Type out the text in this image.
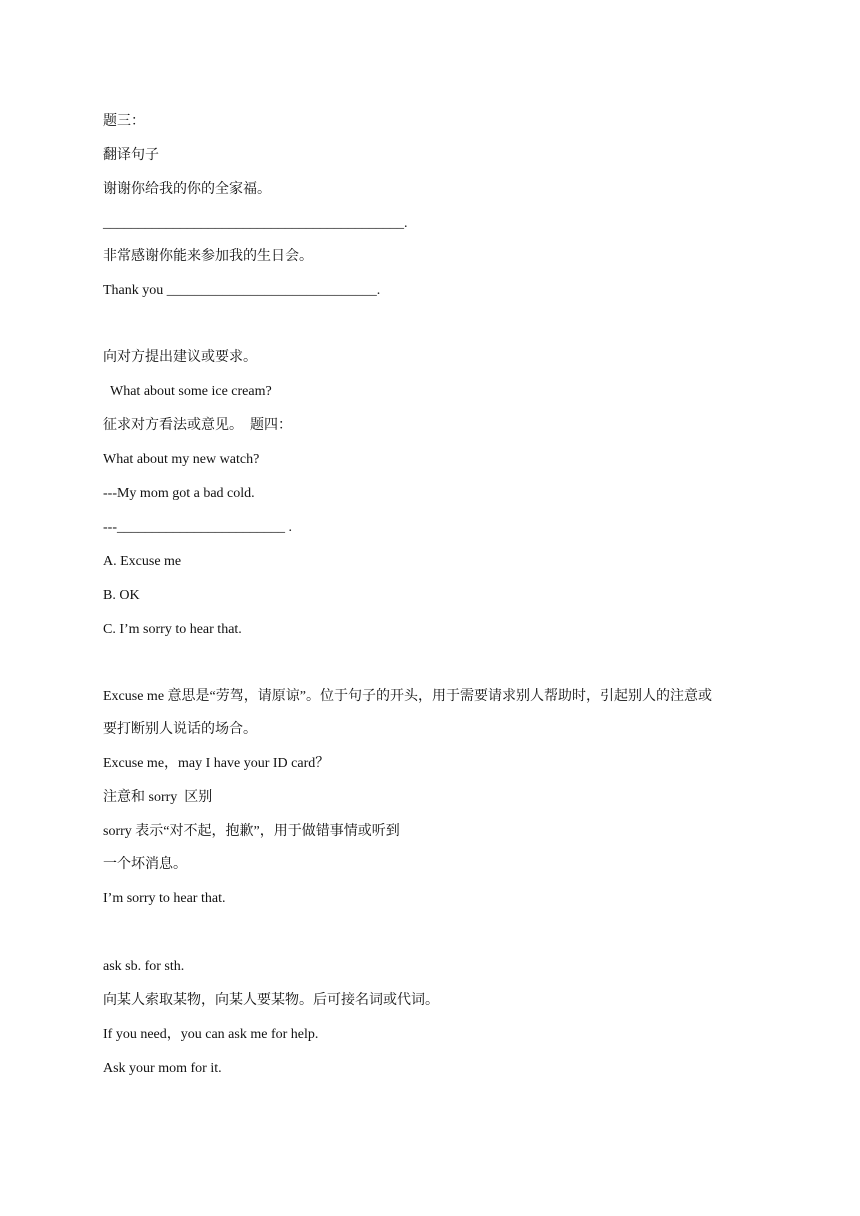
题三：
翻译句子
谢谢你给我的你的全家福。
___________________________________________.
非常感谢你能来参加我的生日会。
Thank you ______________________________.
向对方提出建议或要求。
What about some ice cream?
征求对方看法或意见。  题四：
What about my new watch?
---My mom got a bad cold.
---________________________ .
A. Excuse me
B. OK
C. I’m sorry to hear that.
Excuse me 意思是“劳驾，请原谅”。位于句子的开头，用于需要请求别人帮助时，引起别人的注意或
要打断别人说话的场合。
Excuse me，may I have your ID card？
注意和 sorry  区别
sorry 表示“对不起，抱歉”，用于做错事情或听到
一个坏消息。
I’m sorry to hear that.
ask sb. for sth.
向某人索取某物，向某人要某物。后可接名词或代词。
If you need，you can ask me for help.
Ask your mom for it.
